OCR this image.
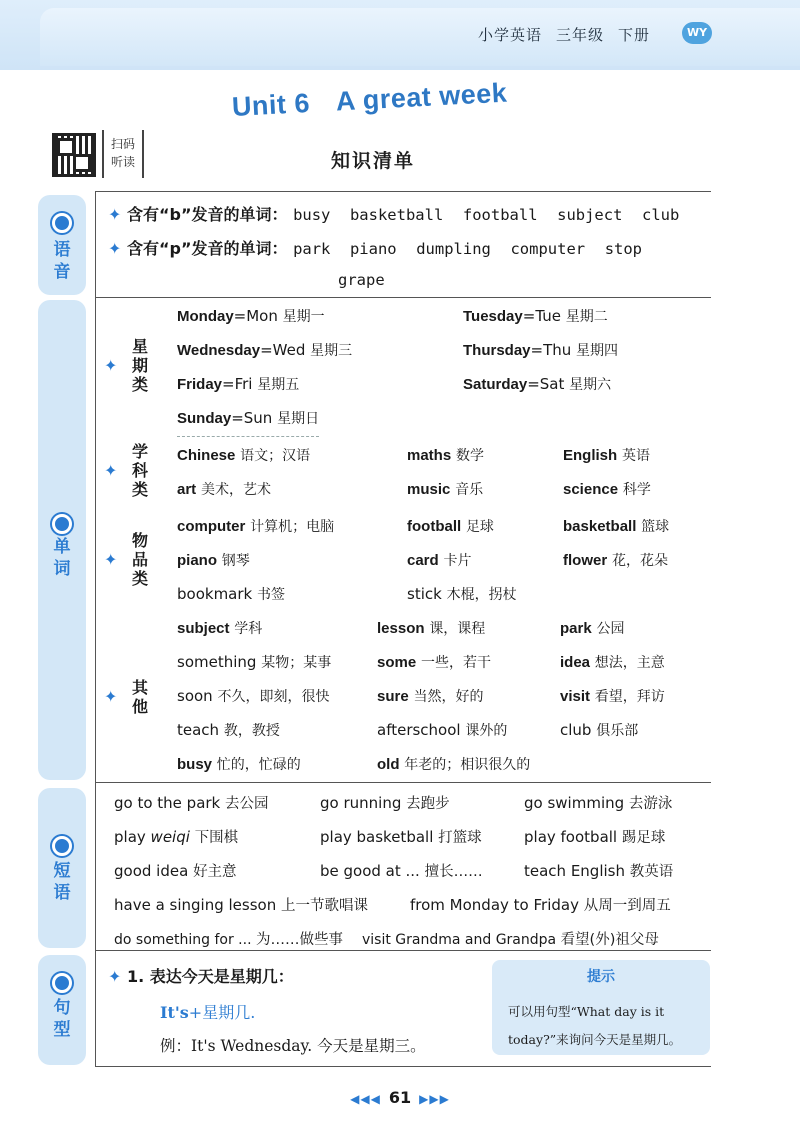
小学英语 三年级 下册	WY
Unit 6 A great week
扫码
听读	知识清单
语音
单词
短语
句型
✦ 含有“b”发音的单词： busy basketball football subject club
✦ 含有“p”发音的单词： park piano dumpling computer stop
grape
✦
星期类
✦
学科类
✦
物品类
✦ 其他
Monday=Mon 星期一	Tuesday=Tue 星期二
Wednesday=Wed 星期三	Thursday=Thu 星期四
Friday=Fri 星期五	Saturday=Sat 星期六
Sunday=Sun 星期日
Chinese 语文；汉语	maths 数学	English 英语
art 美术，艺术	music 音乐	science 科学
computer 计算机；电脑	football 足球	basketball 篮球
piano 钢琴	card 卡片	flower 花，花朵
bookmark 书签	stick 木棍，拐杖
subject 学科	lesson 课，课程	park 公园
something 某物；某事	some 一些，若干	idea 想法，主意
soon 不久，即刻，很快	sure 当然，好的	visit 看望，拜访
teach 教，教授	afterschool 课外的	club 俱乐部
busy 忙的，忙碌的	old 年老的；相识很久的
go to the park 去公园	go running 去跑步	go swimming 去游泳
play weiqi 下围棋	play basketball 打篮球	play football 踢足球
good idea 好主意	be good at ... 擅长……	teach English 教英语
have a singing lesson 上一节歌唱课	from Monday to Friday 从周一到周五
do something for ... 为……做些事 visit Grandma and Grandpa 看望(外)祖父母
✦ 1. 表达今天是星期几：
It's+星期几.
例：It's Wednesday. 今天是星期三。
提示
可以用句型“What day is it
today?”来询问今天是星期几。
◀◀◀ 61 ▶▶▶
